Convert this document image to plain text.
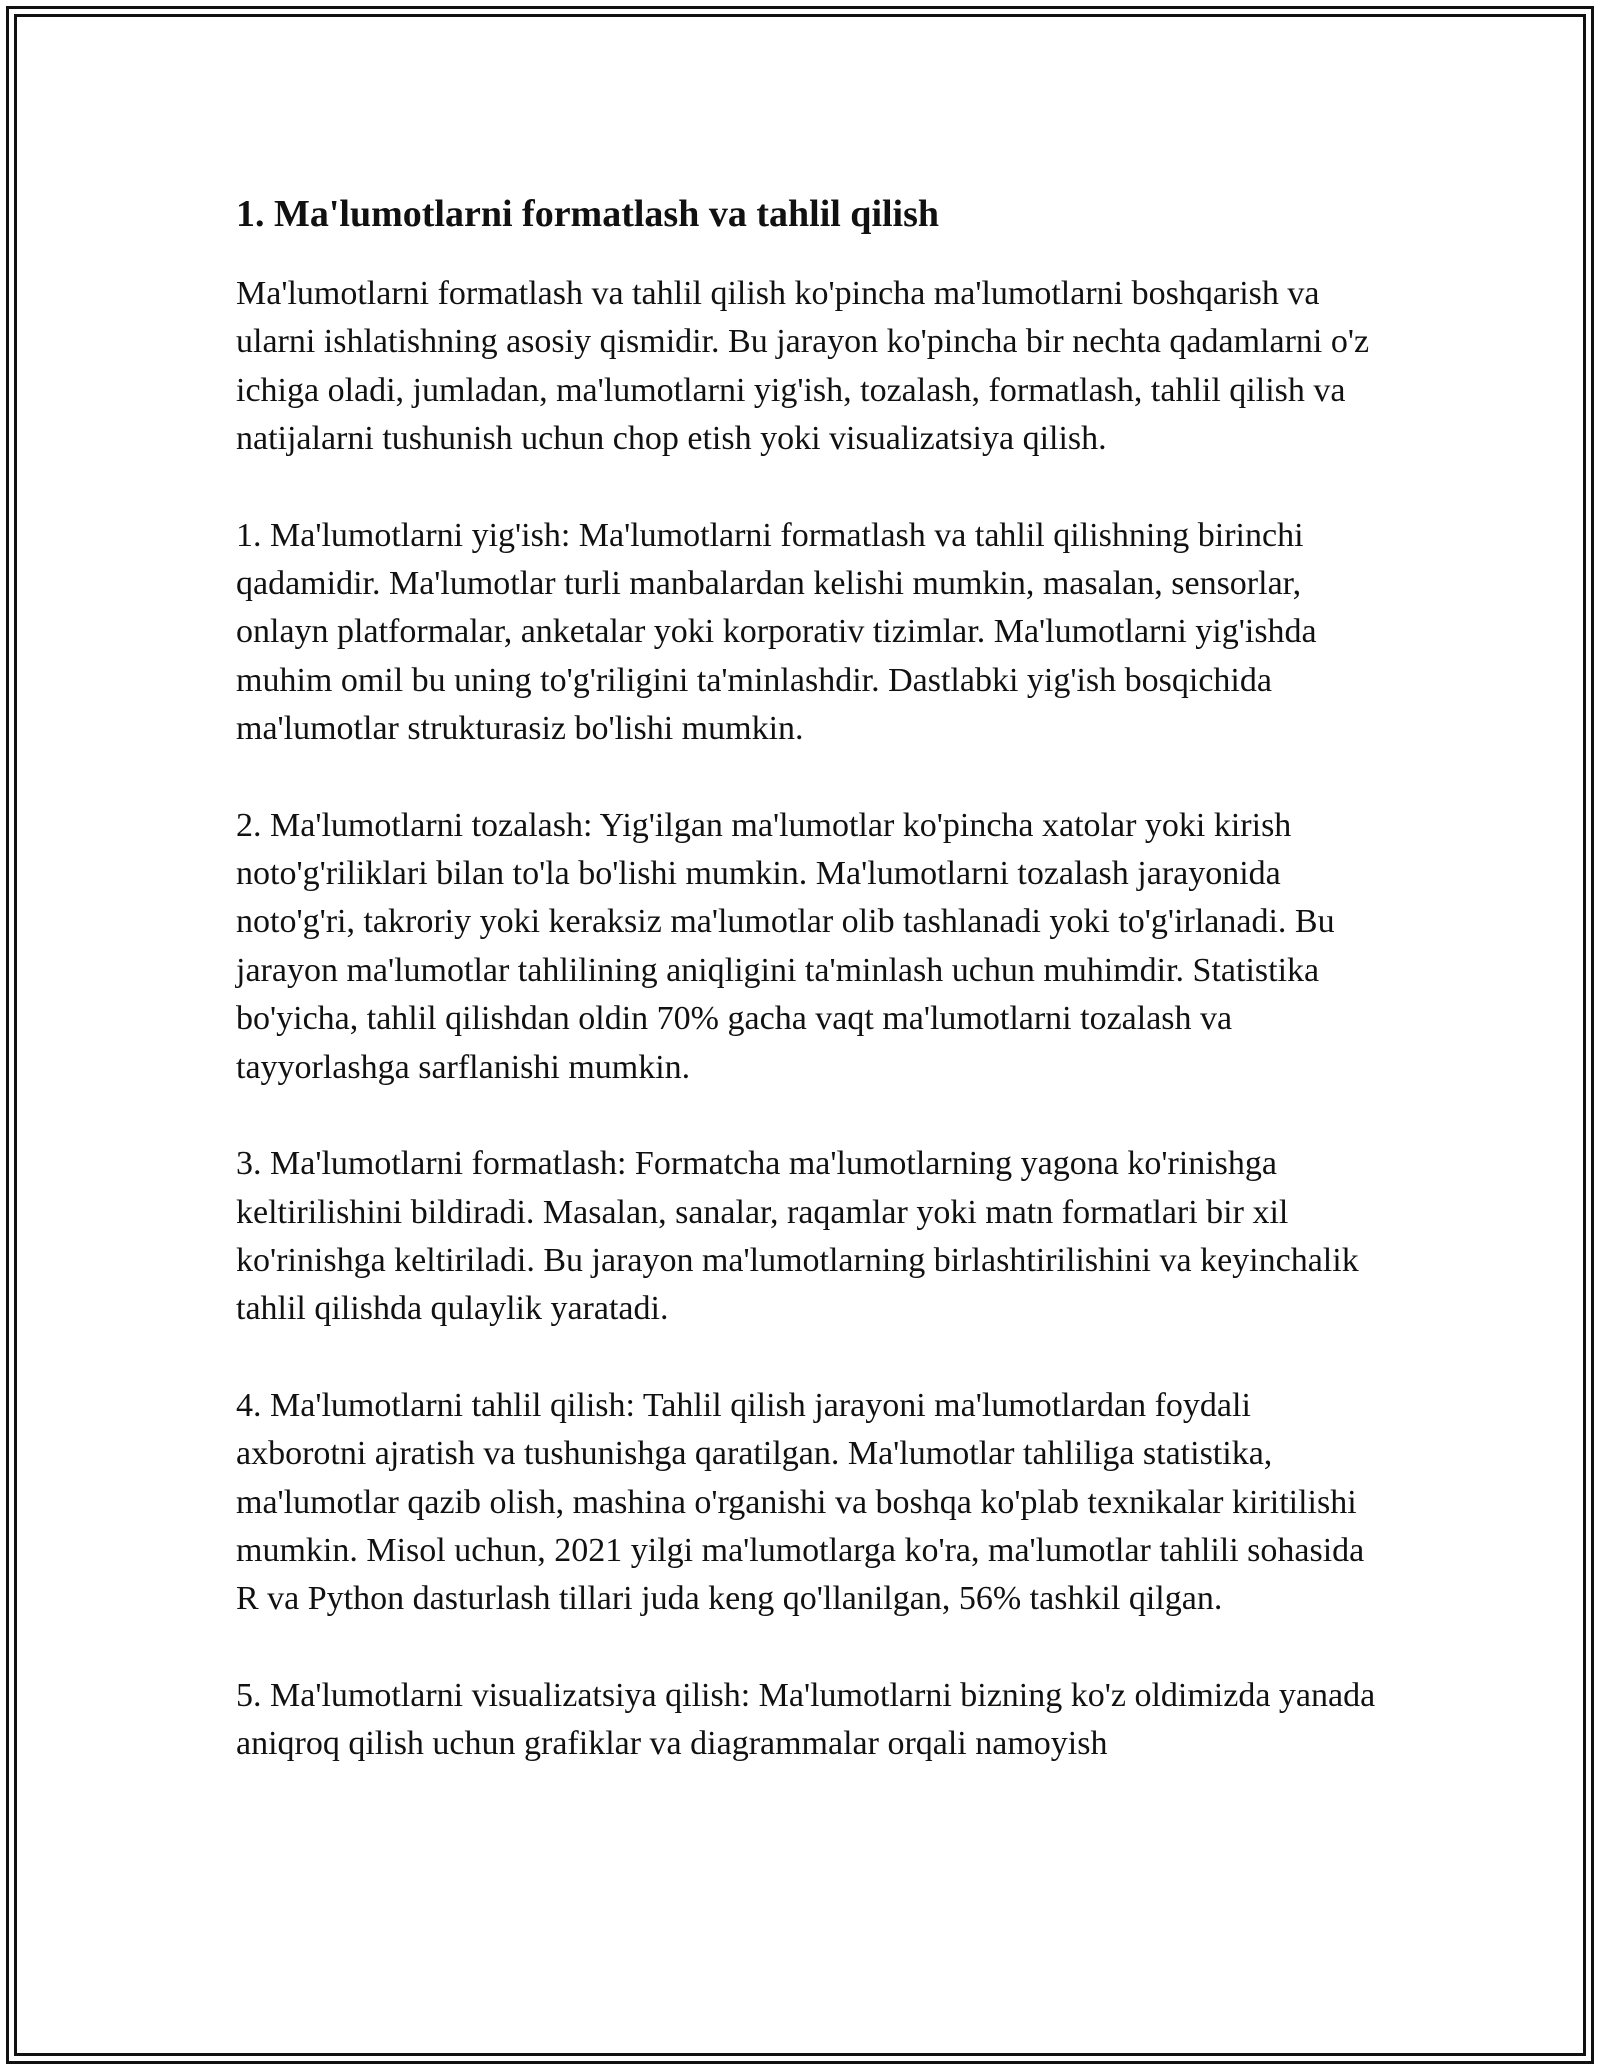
1. Ma'lumotlarni formatlash va tahlil qilish

Ma'lumotlarni formatlash va tahlil qilish ko'pincha ma'lumotlarni boshqarish va ularni ishlatishning asosiy qismidir. Bu jarayon ko'pincha bir nechta qadamlarni o'z ichiga oladi, jumladan, ma'lumotlarni yig'ish, tozalash, formatlash, tahlil qilish va natijalarni tushunish uchun chop etish yoki visualizatsiya qilish.

1. Ma'lumotlarni yig'ish: Ma'lumotlarni formatlash va tahlil qilishning birinchi qadamidir. Ma'lumotlar turli manbalardan kelishi mumkin, masalan, sensorlar, onlayn platformalar, anketalar yoki korporativ tizimlar. Ma'lumotlarni yig'ishda muhim omil bu uning to'g'riligini ta'minlashdir. Dastlabki yig'ish bosqichida ma'lumotlar strukturasiz bo'lishi mumkin.

2. Ma'lumotlarni tozalash: Yig'ilgan ma'lumotlar ko'pincha xatolar yoki kirish noto'g'riliklari bilan to'la bo'lishi mumkin. Ma'lumotlarni tozalash jarayonida noto'g'ri, takroriy yoki keraksiz ma'lumotlar olib tashlanadi yoki to'g'irlanadi. Bu jarayon ma'lumotlar tahlilining aniqligini ta'minlash uchun muhimdir. Statistika bo'yicha, tahlil qilishdan oldin 70% gacha vaqt ma'lumotlarni tozalash va tayyorlashga sarflanishi mumkin.

3. Ma'lumotlarni formatlash: Formatcha ma'lumotlarning yagona ko'rinishga keltirilishini bildiradi. Masalan, sanalar, raqamlar yoki matn formatlari bir xil ko'rinishga keltiriladi. Bu jarayon ma'lumotlarning birlashtirilishini va keyinchalik tahlil qilishda qulaylik yaratadi.

4. Ma'lumotlarni tahlil qilish: Tahlil qilish jarayoni ma'lumotlardan foydali axborotni ajratish va tushunishga qaratilgan. Ma'lumotlar tahliliga statistika, ma'lumotlar qazib olish, mashina o'rganishi va boshqa ko'plab texnikalar kiritilishi mumkin. Misol uchun, 2021 yilgi ma'lumotlarga ko'ra, ma'lumotlar tahlili sohasida R va Python dasturlash tillari juda keng qo'llanilgan, 56% tashkil qilgan.

5. Ma'lumotlarni visualizatsiya qilish: Ma'lumotlarni bizning ko'z oldimizda yanada aniqroq qilish uchun grafiklar va diagrammalar orqali namoyish
